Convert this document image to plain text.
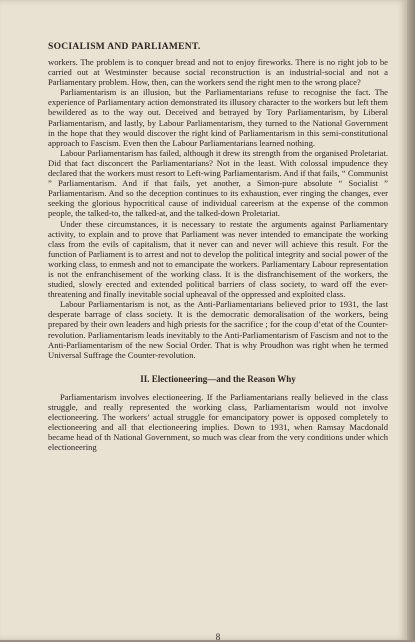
SOCIALISM AND PARLIAMENT.

workers. The problem is to conquer bread and not to enjoy fireworks. There is no right job to be carried out at Westminster because social reconstruction is an industrial-social and not a Parliamentary problem. How, then, can the workers send the right men to the wrong place?

Parliamentarism is an illusion, but the Parliamentarians refuse to recognise the fact. The experience of Parliamentary action demonstrated its illusory character to the workers but left them bewildered as to the way out. Deceived and betrayed by Tory Parliamentarism, by Liberal Parliamentarism, and lastly, by Labour Parliamentarism, they turned to the National Government in the hope that they would discover the right kind of Parliamentarism in this semi-constitutional approach to Fascism. Even then the Labour Parliamentarians learned nothing.

Labour Parliamentarism has failed, although it drew its strength from the organised Proletariat. Did that fact disconcert the Parliamentarians? Not in the least. With colossal impudence they declared that the workers must resort to Left-wing Parliamentarism. And if that fails, “ Communist ” Parliamentarism. And if that fails, yet another, a Simon-pure absolute “ Socialist ” Parliamentarism. And so the deception continues to its exhaustion, ever ringing the changes, ever seeking the glorious hypocritical cause of individual careerism at the expense of the common people, the talked-to, the talked-at, and the talked-down Proletariat.

Under these circumstances, it is necessary to restate the arguments against Parliamentary activity, to explain and to prove that Parliament was never intended to emancipate the working class from the evils of capitalism, that it never can and never will achieve this result. For the function of Parliament is to arrest and not to develop the political integrity and social power of the working class, to enmesh and not to emancipate the workers. Parliamentary Labour representation is not the enfranchisement of the working class. It is the disfranchisement of the workers, the studied, slowly erected and extended political barriers of class society, to ward off the ever-threatening and finally inevitable social upheaval of the oppressed and exploited class.

Labour Parliamentarism is not, as the Anti-Parliamentarians believed prior to 1931, the last desperate barrage of class society. It is the democratic demoralisation of the workers, being prepared by their own leaders and high priests for the sacrifice ; for the coup d’etat of the Counter-revolution. Parliamentarism leads inevitably to the Anti-Parliamentarism of Fascism and not to the Anti-Parliamentarism of the new Social Order. That is why Proudhon was right when he termed Universal Suffrage the Counter-revolution.

II. Electioneering—and the Reason Why

Parliamentarism involves electioneering. If the Parliamentarians really believed in the class struggle, and really represented the working class, Parliamentarism would not involve electioneering. The workers’ actual struggle for emancipatory power is opposed completely to electioneering and all that electioneering implies. Down to 1931, when Ramsay Macdonald became head of th National Government, so much was clear from the very conditions under which electioneering

8
